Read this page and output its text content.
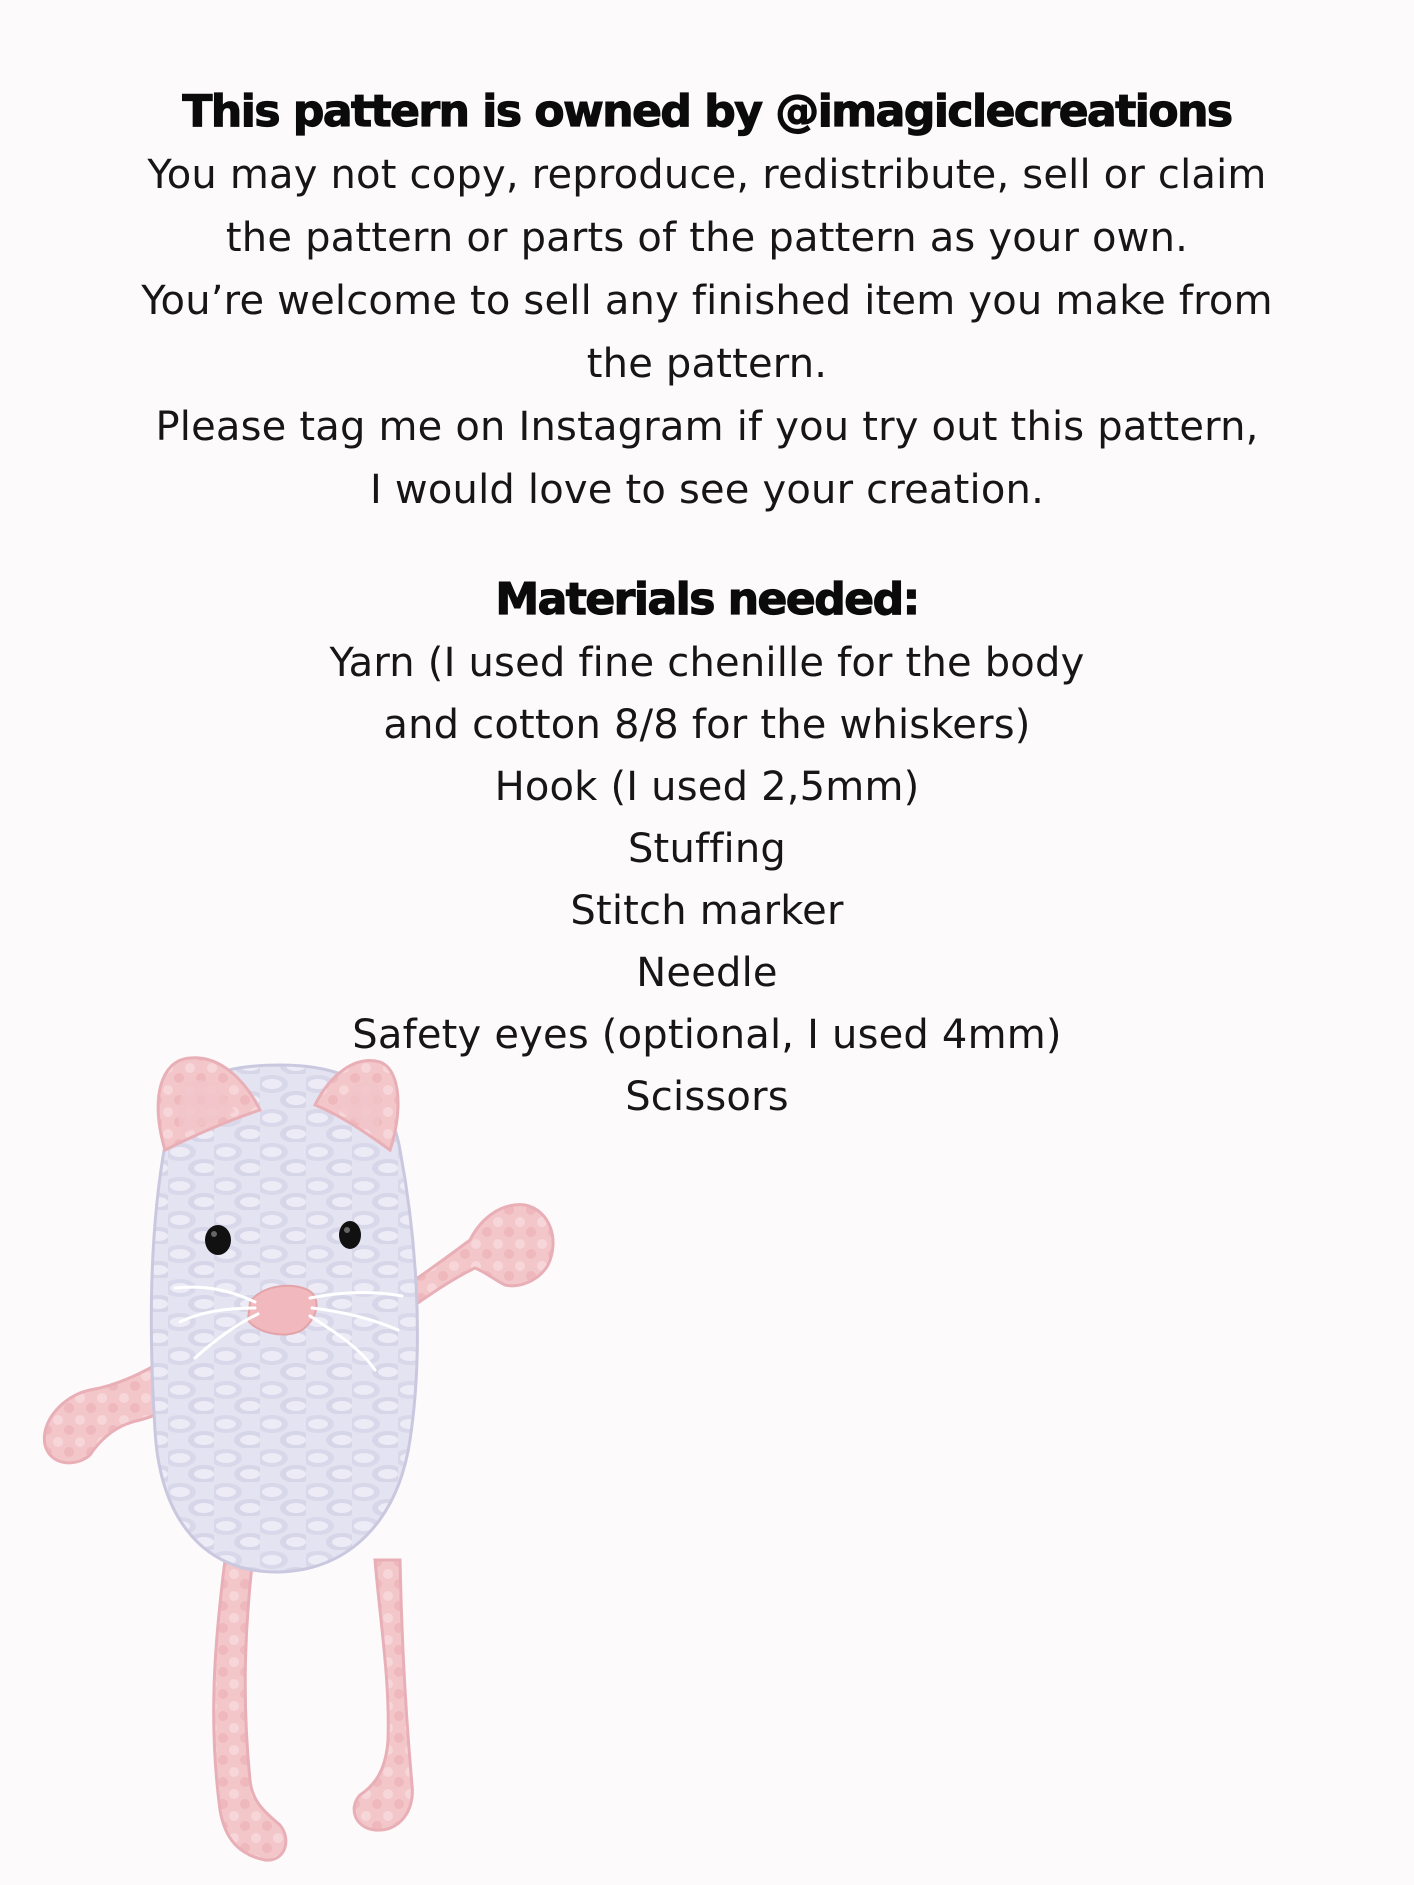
This pattern is owned by @imagiclecreations
You may not copy, reproduce, redistribute, sell or claim
the pattern or parts of the pattern as your own.
You’re welcome to sell any finished item you make from
the pattern.
Please tag me on Instagram if you try out this pattern,
I would love to see your creation.
Materials needed:
Yarn (I used fine chenille for the body
and cotton 8/8 for the whiskers)
Hook (I used 2,5mm)
Stuffing
Stitch marker
Needle
Safety eyes (optional, I used 4mm)
Scissors
